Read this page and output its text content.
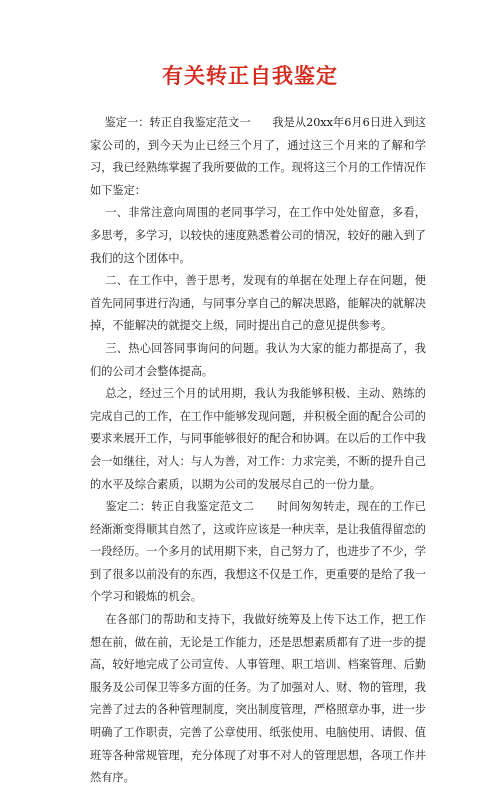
有关转正自我鉴定

鉴定一：转正自我鉴定范文一      我是从20xx年6月6日进入到这家公司的，到今天为止已经三个月了，通过这三个月来的了解和学习，我已经熟练掌握了我所要做的工作。现将这三个月的工作情况作如下鉴定：

一、非常注意向周围的老同事学习，在工作中处处留意，多看，多思考，多学习，以较快的速度熟悉着公司的情况，较好的融入到了我们的这个团体中。

二、在工作中，善于思考，发现有的单据在处理上存在问题，便首先同同事进行沟通，与同事分享自己的解决思路，能解决的就解决掉，不能解决的就提交上级，同时提出自己的意见提供参考。

三、热心回答同事询问的问题。我认为大家的能力都提高了，我们的公司才会整体提高。

总之，经过三个月的试用期，我认为我能够积极、主动、熟练的完成自己的工作，在工作中能够发现问题，并积极全面的配合公司的要求来展开工作，与同事能够很好的配合和协调。在以后的工作中我会一如继往，对人：与人为善，对工作：力求完美，不断的提升自己的水平及综合素质，以期为公司的发展尽自己的一份力量。

鉴定二：转正自我鉴定范文二      时间匆匆转走，现在的工作已经渐渐变得顺其自然了，这或许应该是一种庆幸，是让我值得留恋的一段经历。一个多月的试用期下来，自己努力了，也进步了不少，学到了很多以前没有的东西，我想这不仅是工作，更重要的是给了我一个学习和锻炼的机会。

在各部门的帮助和支持下，我做好统筹及上传下达工作，把工作想在前，做在前，无论是工作能力，还是思想素质都有了进一步的提高，较好地完成了公司宣传、人事管理、职工培训、档案管理、后勤服务及公司保卫等多方面的任务。为了加强对人、财、物的管理，我完善了过去的各种管理制度，突出制度管理，严格照章办事，进一步明确了工作职责，完善了公章使用、纸张使用、电脑使用、请假、值班等各种常规管理，充分体现了对事不对人的管理思想，各项工作井然有序。
